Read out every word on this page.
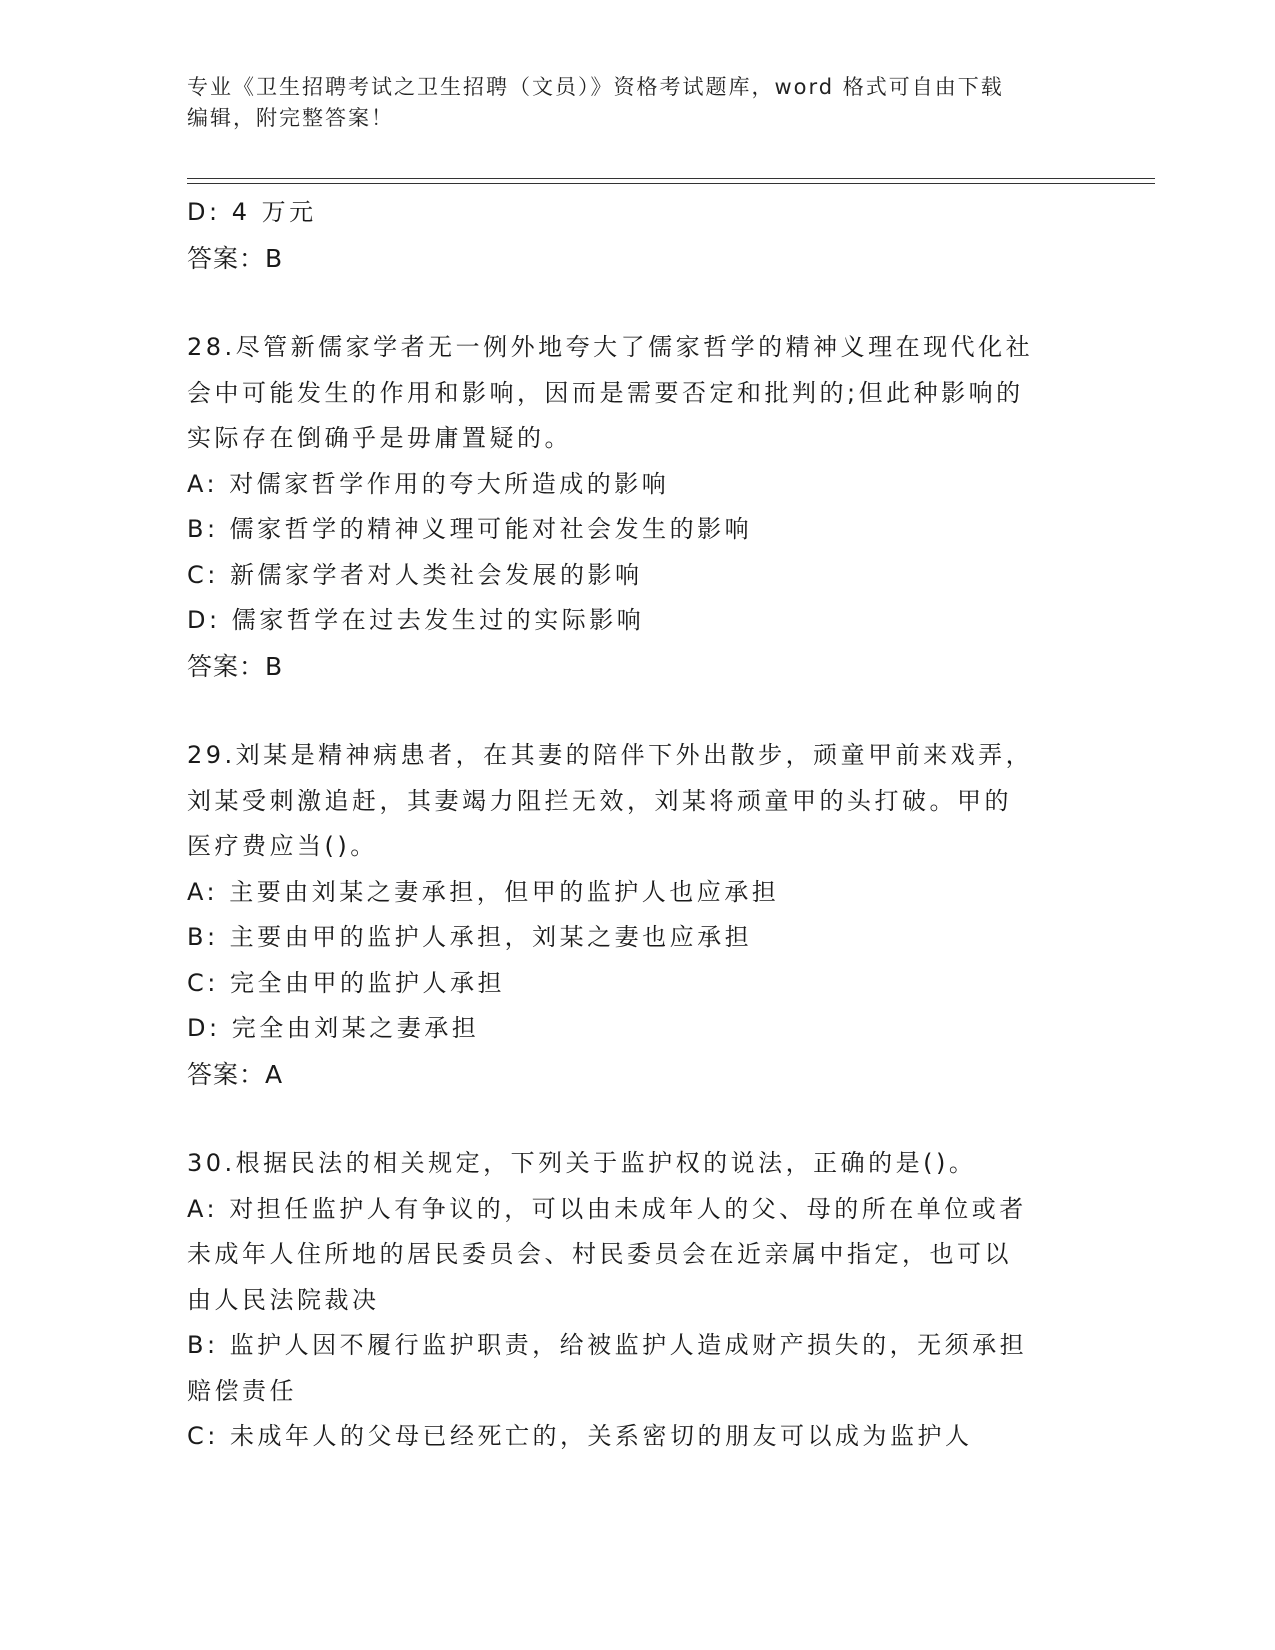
专业《卫生招聘考试之卫生招聘（文员）》资格考试题库，word 格式可自由下载
编辑，附完整答案！
D: 4 万元
答案：B
28.尽管新儒家学者无一例外地夸大了儒家哲学的精神义理在现代化社
会中可能发生的作用和影响，因而是需要否定和批判的;但此种影响的
实际存在倒确乎是毋庸置疑的。
A: 对儒家哲学作用的夸大所造成的影响
B: 儒家哲学的精神义理可能对社会发生的影响
C: 新儒家学者对人类社会发展的影响
D: 儒家哲学在过去发生过的实际影响
答案：B
29.刘某是精神病患者，在其妻的陪伴下外出散步，顽童甲前来戏弄，
刘某受刺激追赶，其妻竭力阻拦无效，刘某将顽童甲的头打破。甲的
医疗费应当()。
A: 主要由刘某之妻承担，但甲的监护人也应承担
B: 主要由甲的监护人承担，刘某之妻也应承担
C: 完全由甲的监护人承担
D: 完全由刘某之妻承担
答案：A
30.根据民法的相关规定，下列关于监护权的说法，正确的是()。
A: 对担任监护人有争议的，可以由未成年人的父、母的所在单位或者
未成年人住所地的居民委员会、村民委员会在近亲属中指定，也可以
由人民法院裁决
B: 监护人因不履行监护职责，给被监护人造成财产损失的，无须承担
赔偿责任
C: 未成年人的父母已经死亡的，关系密切的朋友可以成为监护人
